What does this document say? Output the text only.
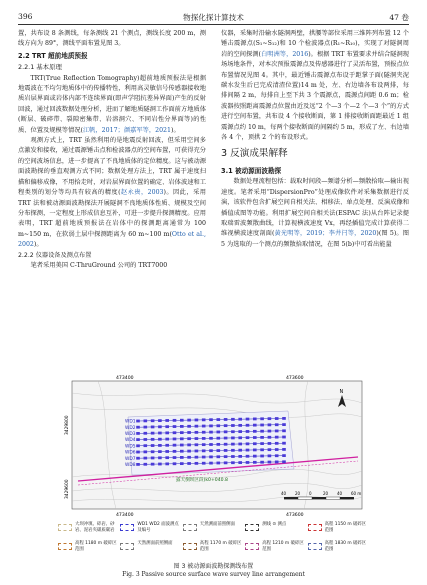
396	物探化探计算技术	47 卷

置，共布设 8 条测线，每条测线 21 个测点，测线长度 200 m，测线方向为 89°，测线平面布置见图 3。

2.2 TRT 超前地质预报
2.2.1 基本原理

TRT(True Reflection Tomography)超前地质预报法是根据地震波在不均匀地质体中的传播特性，利用高灵敏信号传感器接收地质岩层界面或岩体内部不连续界面(即声学阻抗差异界面)产生的反射回波，通过回波数据处理分析，进而了解地质隧洞工作面前方地质体(断层、破碎带、裂隙密集带、岩溶洞穴、不同岩性分界面等)的性质、位置及规模等情况(江帆，2017；颜嘉军等，2021)。

观测方式上，TRT 虽然利用的是地震反射回波，但采用空间多点激发和接收，通过震源锤击点和检波器点的空间布置，可获得充分的空间波场信息，进一步提高了不良地质体的定位精度。这与被动源面波勘探的垂直观测方式不同；数据处理方法上，TRT 属于速度扫描和偏移成像，不用拾走时，对岩层界面位置的确定、岩体波速和工程类别的划分等均具有较高的精度(赵永贵，2003)。因此，采用 TRT 法和被动源面波勘探法开展隧洞不良地质体性质、规模及空间分布探测，一定程度上形成信息互补，可进一步提升探测精度。应用表明，TRT 超前地质预报法在岩体中的探测距离通常为 100 m~150 m，在软弱土层中探测距离为 60 m~100 m(Otto et al., 2002)。

2.2.2 仪器设备及测点布置

笔者采用美国 C-ThruGround 公司的 TRT7000

仪器，采集时沿输水隧洞两壁，拱腰等部位采用三维阵列布置 12 个锤击震源点(S₁~S₁₂)和 10 个检波器点(R₁~R₁₀)，实现了对隧洞周岩的空间探测(白明洲等，2016)。根据 TRT 布置要求并结合隧洞现场场地条件，对本次预报震源点及传感器进行了灵活布置，预报点位布置情况见图 4。其中，最近锤击震源点布设于距掌子面(隧洞夹泥碳水发生后已完成清渣位置)14 m 处，左、右边墙各布设两排，每排间隔 2 m，每排自上至下共 3 个震源点，震源点间距 0.6 m；检波器按照距离震源点位置由近及远“2 个—3 个—2 个—3 个”的方式进行空间布置，共布设 4 个接收断面，第 1 排接收断面距最近 1 组震源点约 10 m，每两个接收断面的间隔约 5 m，形成了左、右边墙各 4 个，顶拱 2 个的布设形式。

3 反演成果解释
3.1 被动源面波勘探

数据处理流程包括：载取时间段—频谱分析—频散拾取—输出视速度。笔者采用“DispersionPro”处理成像软件对采集数据进行反演，该软件包含扩展空间自相关法、相移法、单点处理、反演成像和插值成图等功能。利用扩展空间自相关法(ESPAC 法)从台阵记录提取瑞雷波频散曲线，计算视横波速度 Vx，再经插值完成计算获得二维视横波速度剖面(黄光明等，2019；李井闩等，2020)(图 5)。图 5 为选取的一个测点的频散拾取情况，在图 5(b)中可看出能量

WD1
WD2
WD3
WD4
WD5
WD6
WD7
WD8
露天倒坝区段(k0+040.8
473400	473600
3429800
3429600
N
40 20 0	20 40 60 m
473400	473600
大坝冲填、碎岩、砂岩、泥岩夹碳质碳岩
WD1 WD2 面波测点及编号
天然测面前照侧面	测线 ⊙ 测点	高程 1150 m 破碎区范围
高程 1180 m 破碎区范围
天然测面前照侧面	高程 1170 m 破碎区范围
高程 1210 m 破碎区范围
高程 1830 m 破碎区范围
图 3 被动源面波勘探测线布置
Fig. 3 Passive source surface wave survey line arrangement
